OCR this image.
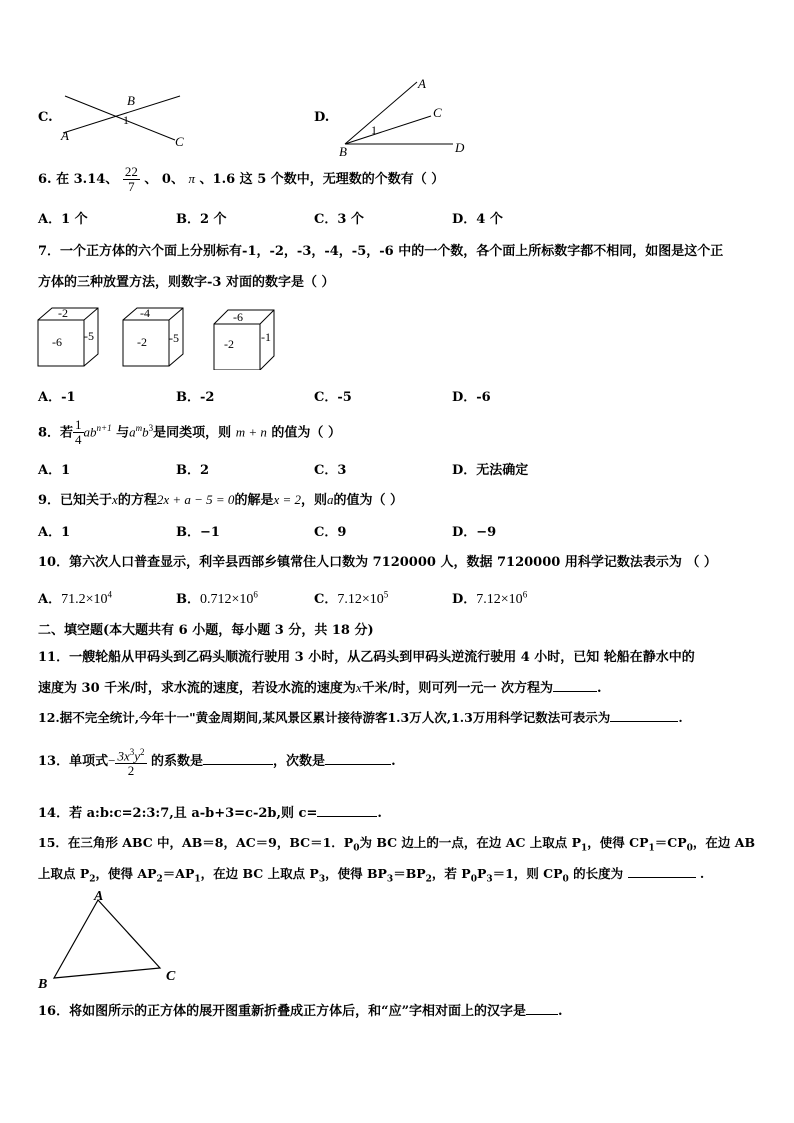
C.
B
A	C
1	D.
A
C
B	D
1
6. 在 3.14、 $\frac{22}{7}$ 、 0、 π 、1.6 这 5 个数中，无理数的个数有（ ）
A．1 个	B．2 个	C．3 个	D．4 个
7．一个正方体的六个面上分别标有-1，-2，-3，-4，-5，-6 中的一个数，各个面上所标数字都不相同，如图是这个正
方体的三种放置方法，则数字-3 对面的数字是（ ）
-2
-6 -5
-4
-2 -5
-6
-2 -1
A．-1	B．-2	C．-5	D．-6
8．若 $\frac{1}{4} ab^{n+1}$ 与$a^mb^3$是同类项，则 m + n 的值为（ ）
A．1	B．2	C．3	D．无法确定
9．已知关于x的方程2x + a − 5 = 0的解是x = 2，则a的值为（ ）
A．1	B．−1	C．9	D．−9
10．第六次人口普查显示，利辛县西部乡镇常住人口数为 7120000 人，数据 7120000 用科学记数法表示为 （ ）
A．$71.2\times 10^4$	B．$0.712\times 10^6$	C．$7.12\times 10^5$	D．$7.12\times 10^6$
二、填空题(本大题共有 6 小题，每小题 3 分，共 18 分)
11．一艘轮船从甲码头到乙码头顺流行驶用 3 小时，从乙码头到甲码头逆流行驶用 4 小时，已知 轮船在静水中的
速度为 30 千米/时，求水流的速度，若设水流的速度为x千米/时，则可列一元一 次方程为	.
12.据不完全统计,今年十一"黄金周期间,某风景区累计接待游客1.3万人次,1.3万用科学记数法可表示为	.
13．单项式− $\frac{3x^3y^2}{2}$ 的系数是	，次数是	.
14．若 a:b:c=2:3:7,且 a-b+3=c-2b,则 c=	.
15．在三角形 ABC 中，AB＝8，AC＝9，BC＝1．$P_0$为 BC 边上的一点，在边 AC 上取点 $P_1$，使得 $CP_1=CP_0$，在边 AB
上取点 $P_2$，使得 $AP_2=AP_1$，在边 BC 上取点 $P_3$，使得 $BP_3=BP_2$，若 $P_0P_3=1$，则 $CP_0$ 的长度为	.
A
B
C
16．将如图所示的正方体的展开图重新折叠成正方体后，和“应”字相对面上的汉字是 .
